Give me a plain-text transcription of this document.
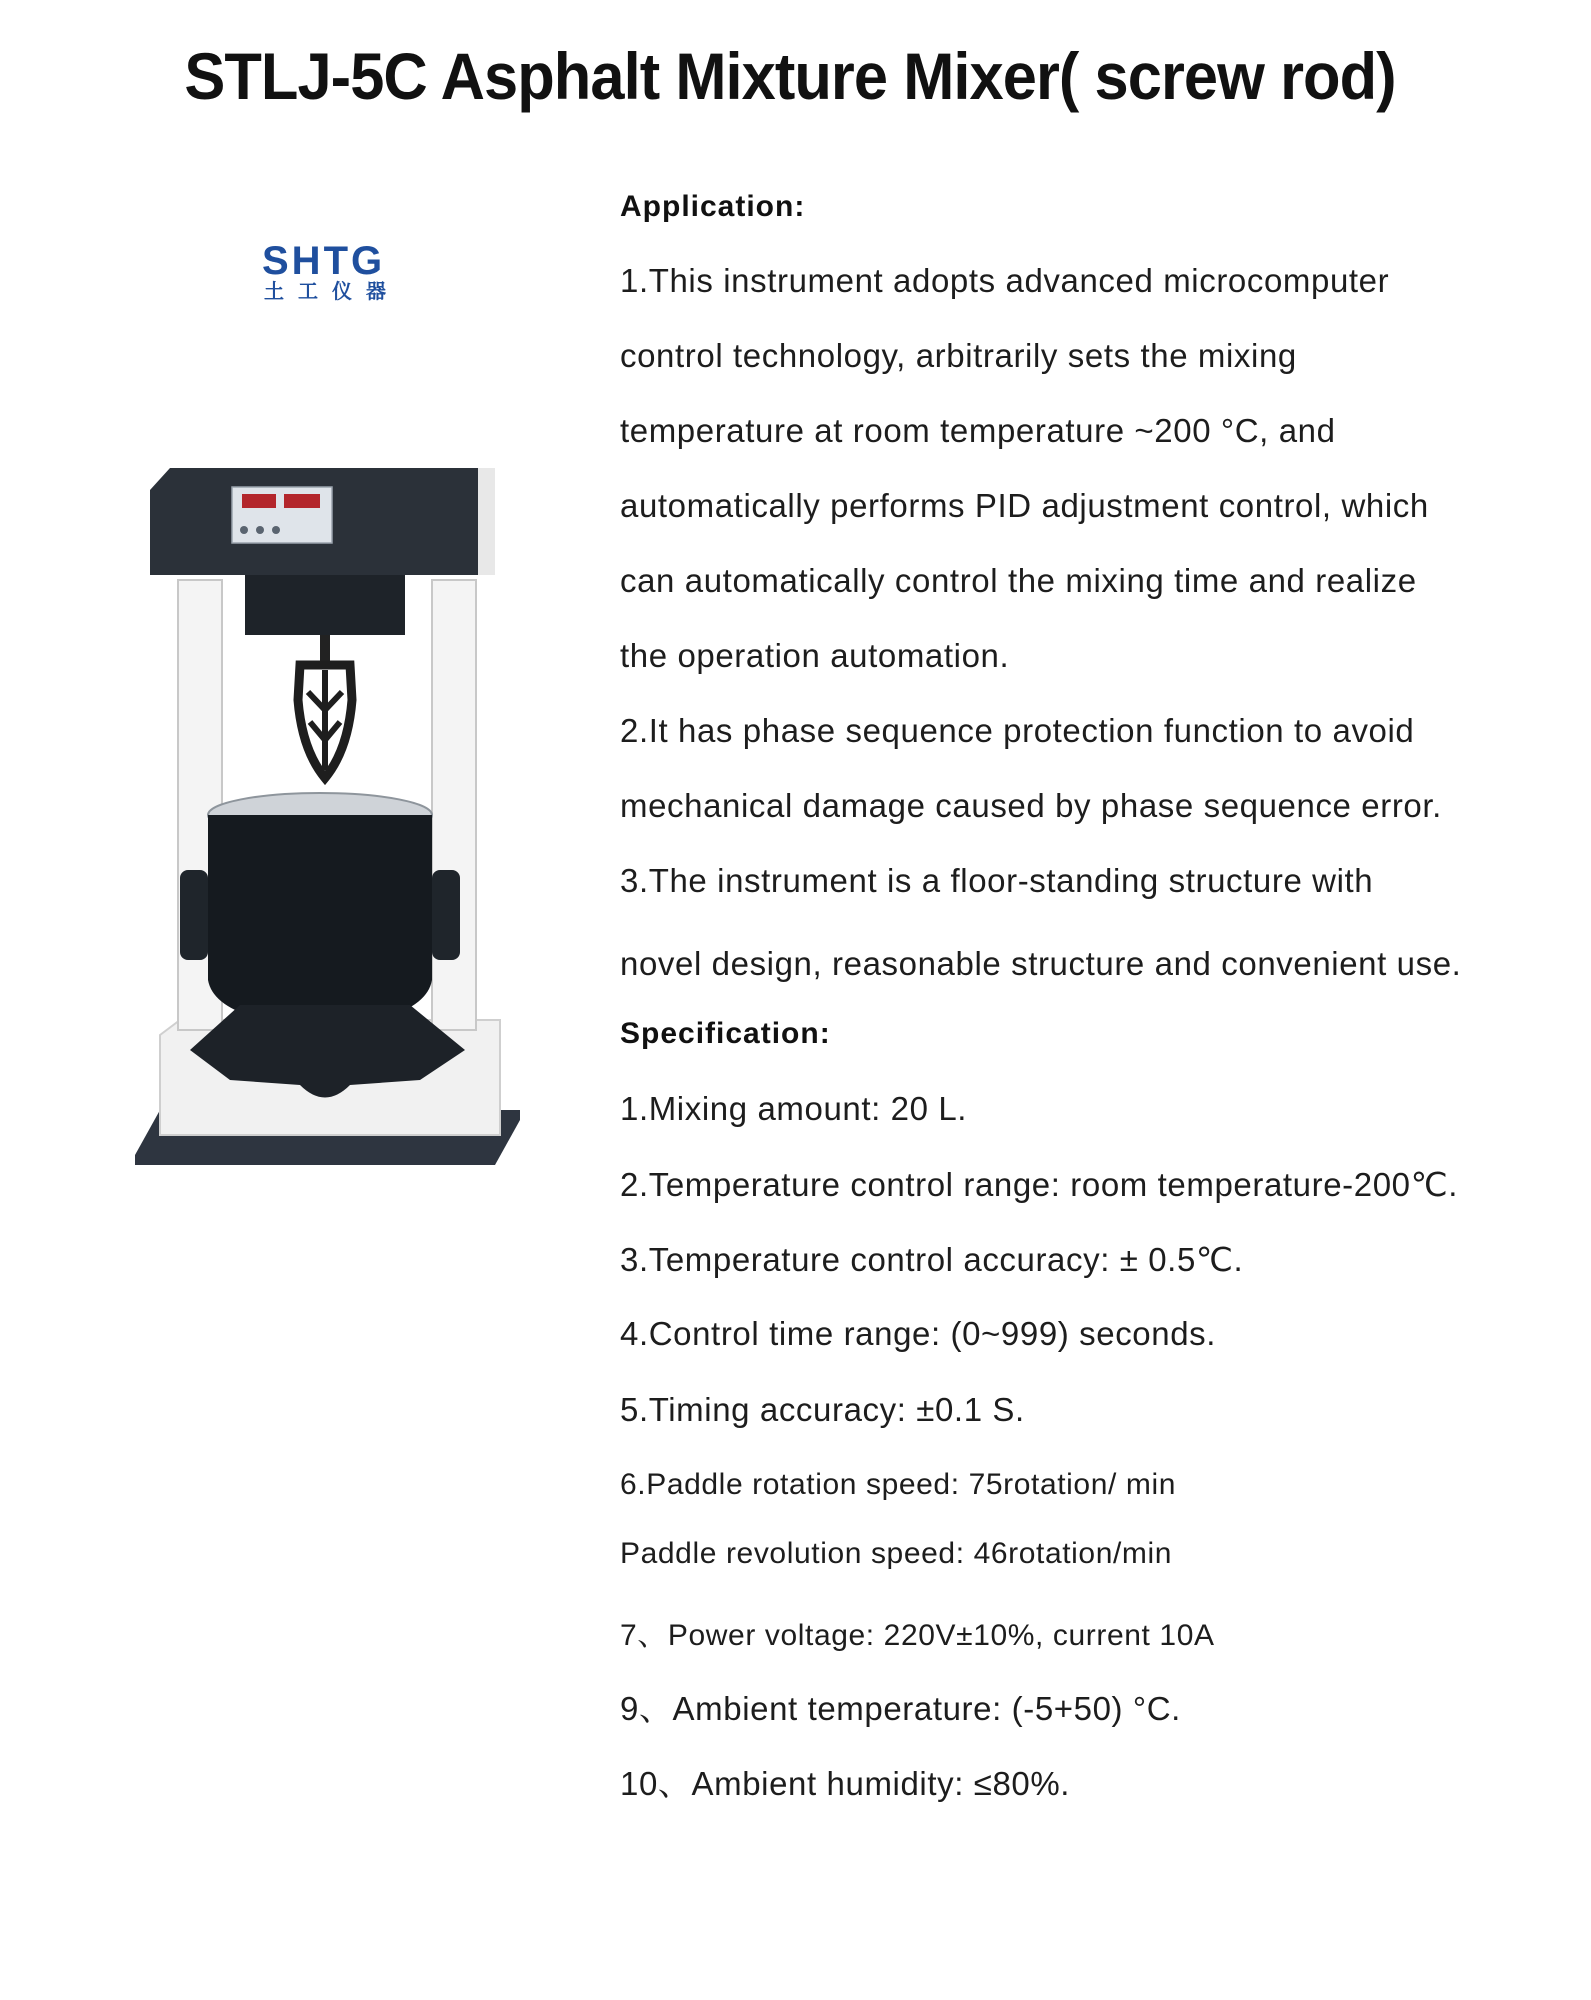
STLJ-5C Asphalt Mixture Mixer( screw rod)
SHTG
土工仪器
Application:
1.This instrument adopts advanced microcomputer
control technology, arbitrarily sets the mixing
temperature at room temperature ~200 °C, and
automatically performs PID adjustment control, which
can automatically control the mixing time and realize
the operation automation.
2.It has phase sequence protection function to avoid
mechanical damage caused by phase sequence error.
3.The instrument is a floor-standing structure with
novel design, reasonable structure and convenient use.
Specification:
1.Mixing amount: 20 L.
2.Temperature control range: room temperature-200℃.
3.Temperature control accuracy: ± 0.5℃.
4.Control time range: (0~999) seconds.
5.Timing accuracy: ±0.1 S.
6.Paddle rotation speed: 75rotation/ min
Paddle revolution speed: 46rotation/min
7、Power voltage: 220V±10%, current 10A
9、Ambient temperature: (-5+50) °C.
10、Ambient humidity: ≤80%.
